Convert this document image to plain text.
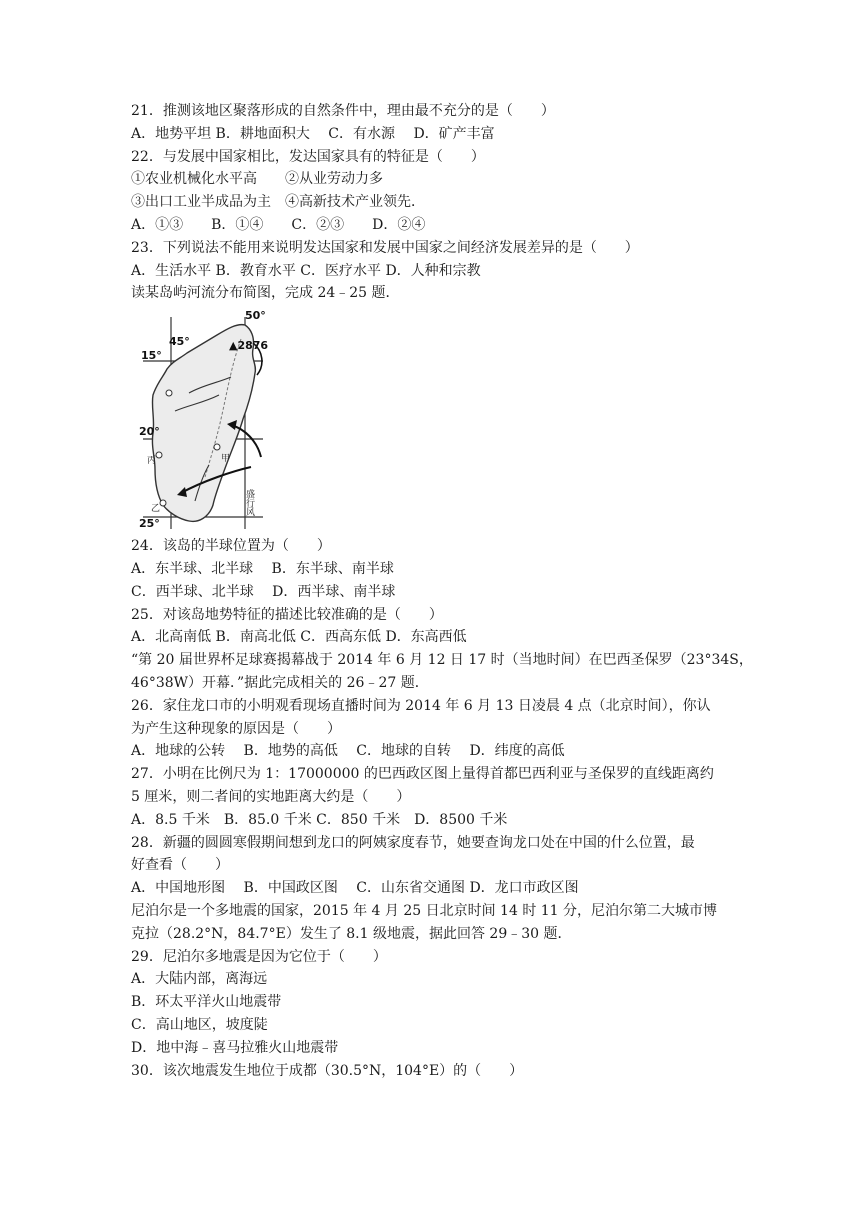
21．推测该地区聚落形成的自然条件中，理由最不充分的是（　　）
A．地势平坦 B．耕地面积大　 C．有水源　 D．矿产丰富
22．与发展中国家相比，发达国家具有的特征是（　　）
①农业机械化水平高　　②从业劳动力多
③出口工业半成品为主　④高新技术产业领先．
A．①③　　B．①④　　C．②③　　D．②④
23．下列说法不能用来说明发达国家和发展中国家之间经济发展差异的是（　　）
A．生活水平 B．教育水平 C．医疗水平 D．人种和宗教
读某岛屿河流分布简图，完成 24﹣25 题．
50°
45°	▲2876
15°
20°
25°
丙	甲
乙	盛行风
24．该岛的半球位置为（　　）
A．东半球、北半球　 B．东半球、南半球
C．西半球、北半球　 D．西半球、南半球
25．对该岛地势特征的描述比较准确的是（　　）
A．北高南低 B．南高北低 C．西高东低 D．东高西低
“第 20 届世界杯足球赛揭幕战于 2014 年 6 月 12 日 17 时（当地时间）在巴西圣保罗（23°34S，
46°38W）开幕．”据此完成相关的 26﹣27 题．
26．家住龙口市的小明观看现场直播时间为 2014 年 6 月 13 日凌晨 4 点（北京时间），你认
为产生这种现象的原因是（　　）
A．地球的公转　 B．地势的高低　 C．地球的自转　 D．纬度的高低
27．小明在比例尺为 1：17000000 的巴西政区图上量得首都巴西利亚与圣保罗的直线距离约
5 厘米，则二者间的实地距离大约是（　　）
A．8.5 千米　B．85.0 千米 C．850 千米　D．8500 千米
28．新疆的圆圆寒假期间想到龙口的阿姨家度春节，她要查询龙口处在中国的什么位置，最
好查看（　　）
A．中国地形图　 B．中国政区图　 C．山东省交通图 D．龙口市政区图
尼泊尔是一个多地震的国家，2015 年 4 月 25 日北京时间 14 时 11 分，尼泊尔第二大城市博
克拉（28.2°N，84.7°E）发生了 8.1 级地震，据此回答 29﹣30 题．
29．尼泊尔多地震是因为它位于（　　）
A．大陆内部，离海远
B．环太平洋火山地震带
C．高山地区，坡度陡
D．地中海﹣喜马拉雅火山地震带
30．该次地震发生地位于成都（30.5°N，104°E）的（　　）
